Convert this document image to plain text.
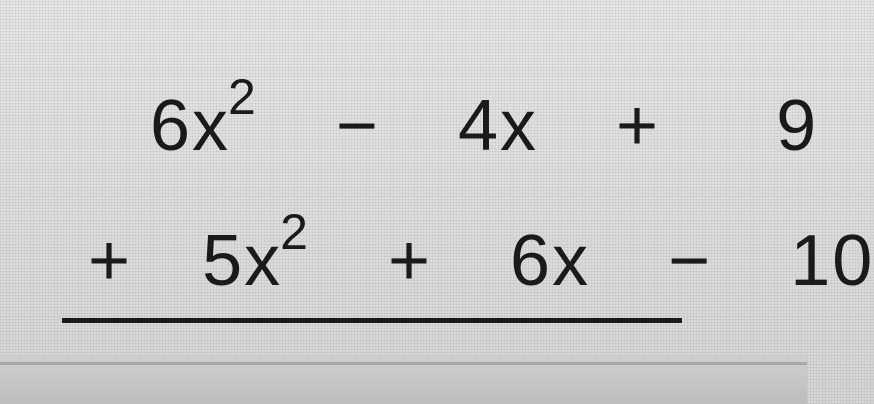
$6x^2 - 4x + 9$
+ $5x^2 + 6x - 10$
